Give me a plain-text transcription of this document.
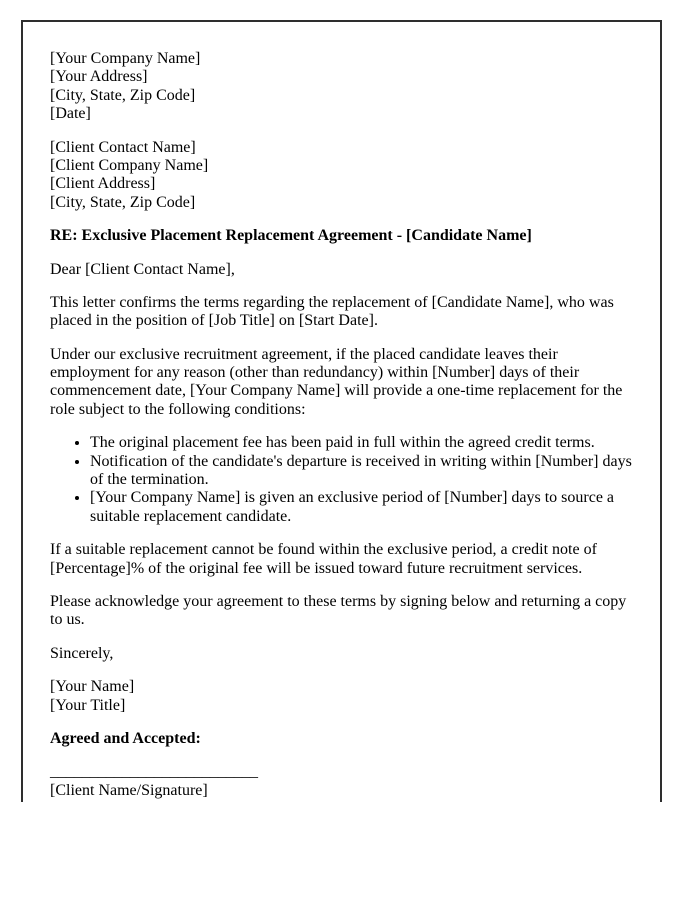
[Your Company Name]
[Your Address]
[City, State, Zip Code]
[Date]
[Client Contact Name]
[Client Company Name]
[Client Address]
[City, State, Zip Code]

RE: Exclusive Placement Replacement Agreement - [Candidate Name]

Dear [Client Contact Name],

This letter confirms the terms regarding the replacement of [Candidate Name], who was placed in the position of [Job Title] on [Start Date].

Under our exclusive recruitment agreement, if the placed candidate leaves their employment for any reason (other than redundancy) within [Number] days of their commencement date, [Your Company Name] will provide a one-time replacement for the role subject to the following conditions:

• The original placement fee has been paid in full within the agreed credit terms.
• Notification of the candidate's departure is received in writing within [Number] days of the termination.
• [Your Company Name] is given an exclusive period of [Number] days to source a suitable replacement candidate.

If a suitable replacement cannot be found within the exclusive period, a credit note of [Percentage]% of the original fee will be issued toward future recruitment services.

Please acknowledge your agreement to these terms by signing below and returning a copy to us.

Sincerely,

[Your Name]
[Your Title]

Agreed and Accepted:

__________________________
[Client Name/Signature]
